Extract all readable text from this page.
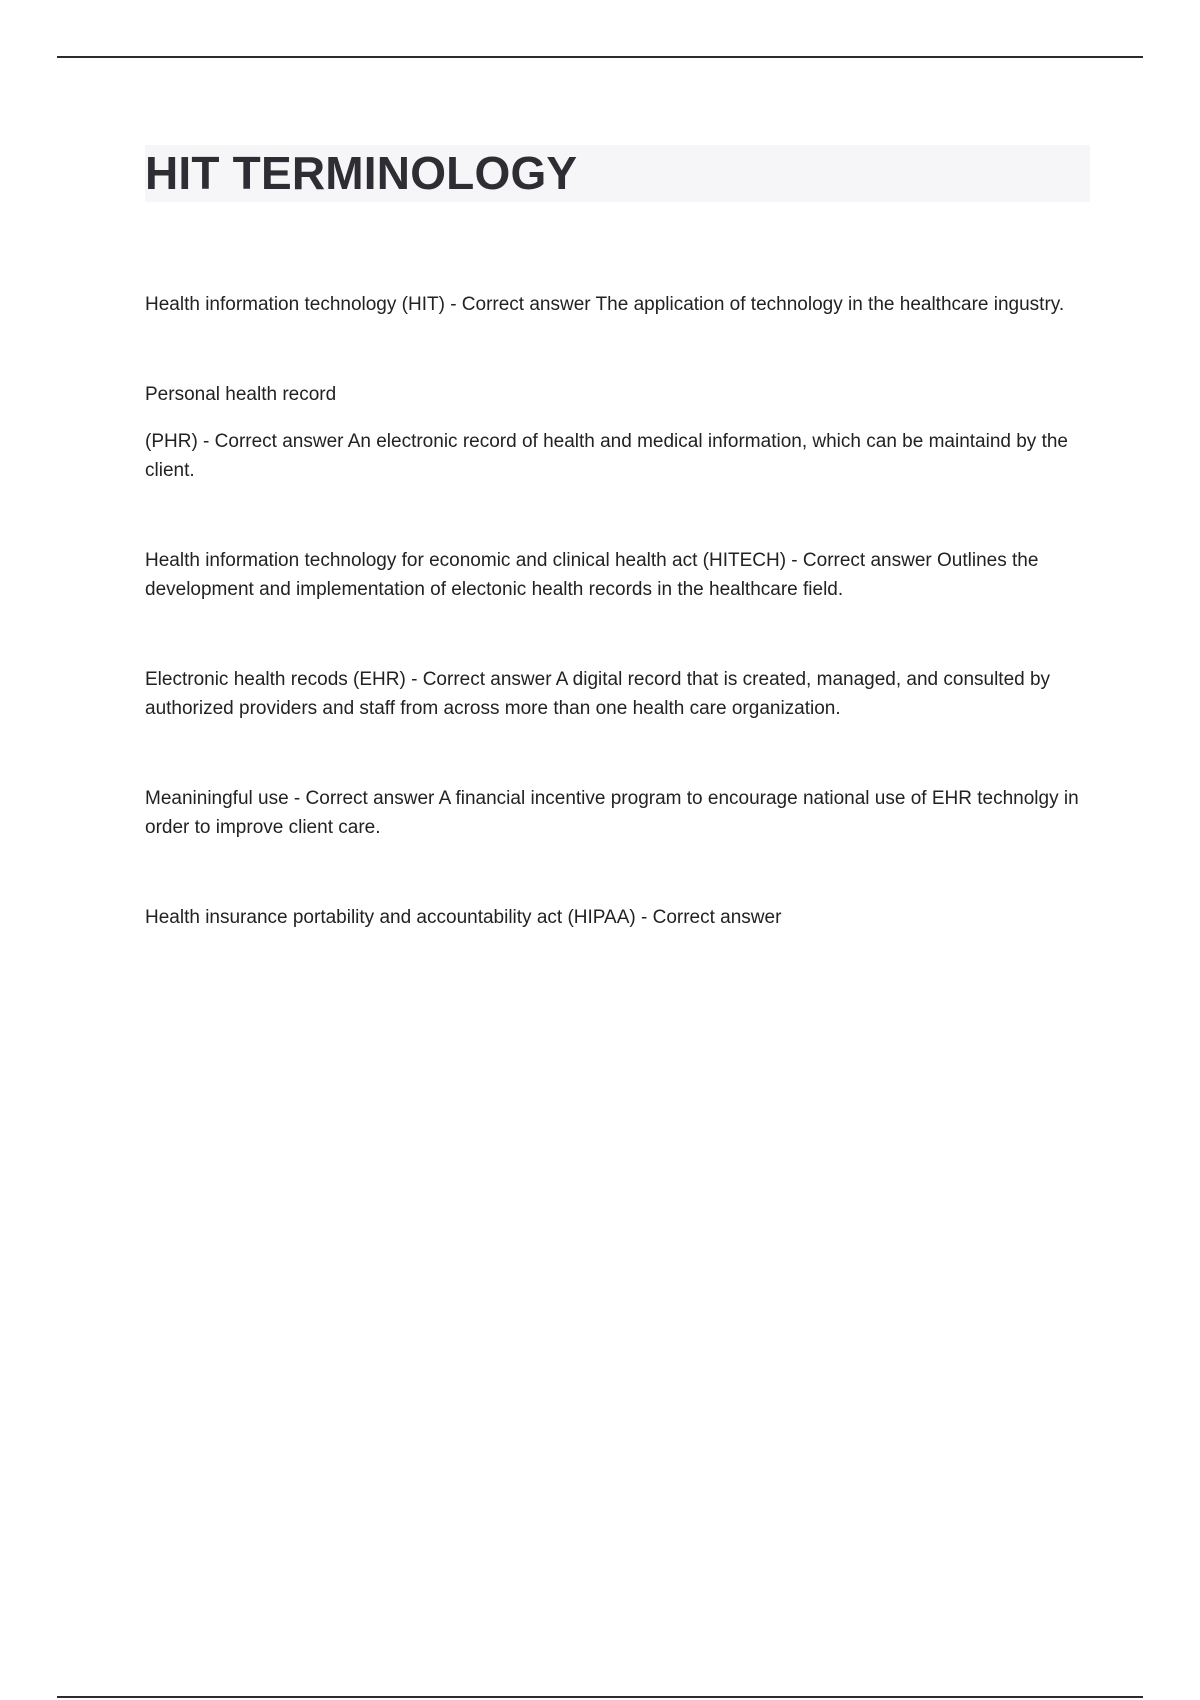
HIT TERMINOLOGY

Health information technology (HIT) - Correct answer The application of technology in the healthcare ingustry.

Personal health record

(PHR) - Correct answer An electronic record of health and medical information, which can be maintaind by the client.

Health information technology for economic and clinical health act (HITECH) - Correct answer Outlines the development and implementation of electonic health records in the healthcare field.

Electronic health recods (EHR) - Correct answer A digital record that is created, managed, and consulted by authorized providers and staff from across more than one health care organization.

Meaniningful use - Correct answer A financial incentive program to encourage national use of EHR technolgy in order to improve client care.

Health insurance portability and accountability act (HIPAA) - Correct answer
